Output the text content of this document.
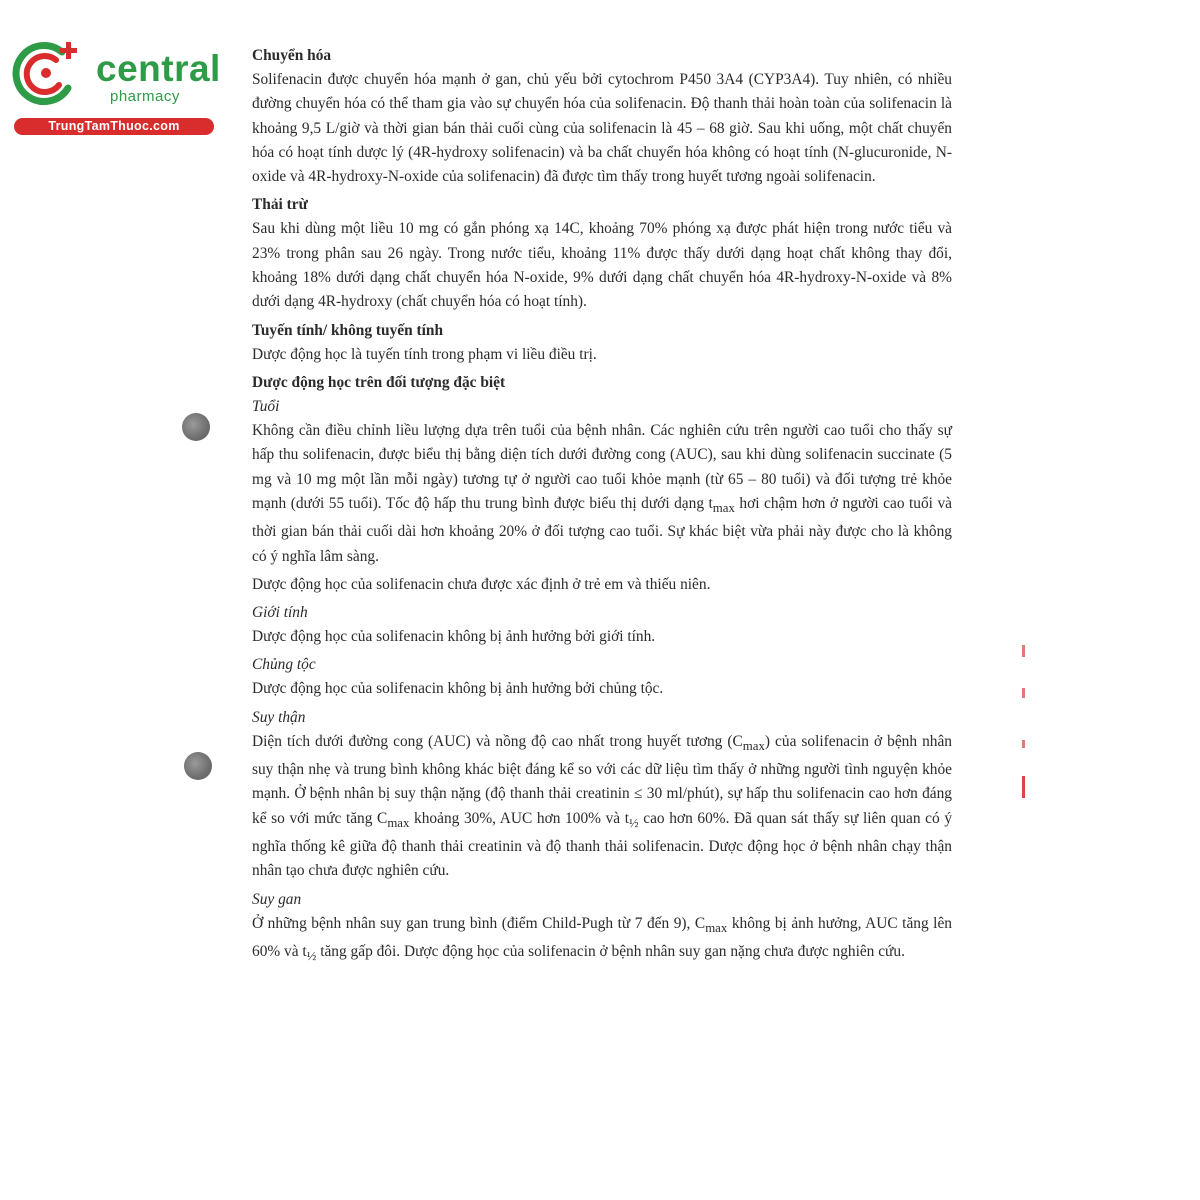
central
pharmacy
TrungTamThuoc.com

Chuyển hóa

Solifenacin được chuyển hóa mạnh ở gan, chủ yếu bởi cytochrom P450 3A4 (CYP3A4). Tuy nhiên, có nhiều đường chuyển hóa có thể tham gia vào sự chuyển hóa của solifenacin. Độ thanh thải hoàn toàn của solifenacin là khoảng 9,5 L/giờ và thời gian bán thải cuối cùng của solifenacin là 45 – 68 giờ. Sau khi uống, một chất chuyển hóa có hoạt tính dược lý (4R-hydroxy solifenacin) và ba chất chuyển hóa không có hoạt tính (N-glucuronide, N-oxide và 4R-hydroxy-N-oxide của solifenacin) đã được tìm thấy trong huyết tương ngoài solifenacin.

Thải trừ

Sau khi dùng một liều 10 mg có gắn phóng xạ 14C, khoảng 70% phóng xạ được phát hiện trong nước tiểu và 23% trong phân sau 26 ngày. Trong nước tiểu, khoảng 11% được thấy dưới dạng hoạt chất không thay đổi, khoảng 18% dưới dạng chất chuyển hóa N-oxide, 9% dưới dạng chất chuyển hóa 4R-hydroxy-N-oxide và 8% dưới dạng 4R-hydroxy (chất chuyển hóa có hoạt tính).

Tuyến tính/ không tuyến tính

Dược động học là tuyến tính trong phạm vi liều điều trị.

Dược động học trên đối tượng đặc biệt

Tuổi

Không cần điều chỉnh liều lượng dựa trên tuổi của bệnh nhân. Các nghiên cứu trên người cao tuổi cho thấy sự hấp thu solifenacin, được biểu thị bằng diện tích dưới đường cong (AUC), sau khi dùng solifenacin succinate (5 mg và 10 mg một lần mỗi ngày) tương tự ở người cao tuổi khỏe mạnh (từ 65 – 80 tuổi) và đối tượng trẻ khỏe mạnh (dưới 55 tuổi). Tốc độ hấp thu trung bình được biểu thị dưới dạng $t_{max}$ hơi chậm hơn ở người cao tuổi và thời gian bán thải cuối dài hơn khoảng 20% ở đối tượng cao tuổi. Sự khác biệt vừa phải này được cho là không có ý nghĩa lâm sàng.

Dược động học của solifenacin chưa được xác định ở trẻ em và thiếu niên.

Giới tính

Dược động học của solifenacin không bị ảnh hưởng bởi giới tính.

Chủng tộc

Dược động học của solifenacin không bị ảnh hưởng bởi chủng tộc.

Suy thận

Diện tích dưới đường cong (AUC) và nồng độ cao nhất trong huyết tương $(C_{max})$ của solifenacin ở bệnh nhân suy thận nhẹ và trung bình không khác biệt đáng kể so với các dữ liệu tìm thấy ở những người tình nguyện khỏe mạnh. Ở bệnh nhân bị suy thận nặng (độ thanh thải creatinin ≤ 30 ml/phút), sự hấp thu solifenacin cao hơn đáng kể so với mức tăng $C_{max}$ khoảng 30%, AUC hơn 100% và $t_{\frac{1}{2}}$ cao hơn 60%. Đã quan sát thấy sự liên quan có ý nghĩa thống kê giữa độ thanh thải creatinin và độ thanh thải solifenacin. Dược động học ở bệnh nhân chạy thận nhân tạo chưa được nghiên cứu.

Suy gan

Ở những bệnh nhân suy gan trung bình (điểm Child-Pugh từ 7 đến 9), $C_{max}$ không bị ảnh hưởng, AUC tăng lên 60% và $t_{\frac{1}{2}}$ tăng gấp đôi. Dược động học của solifenacin ở bệnh nhân suy gan nặng chưa được nghiên cứu.
